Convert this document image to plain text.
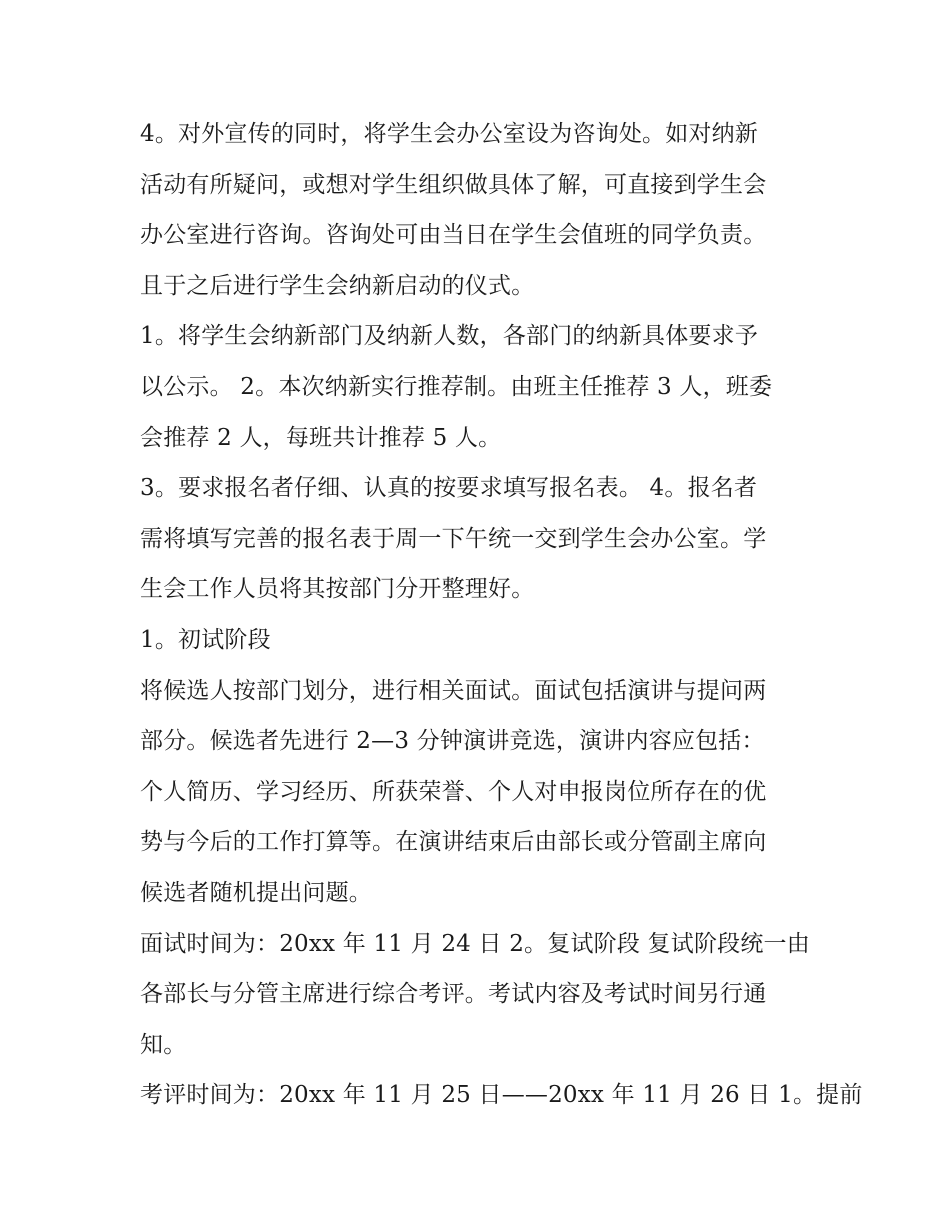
4。对外宣传的同时，将学生会办公室设为咨询处。如对纳新
活动有所疑问，或想对学生组织做具体了解，可直接到学生会
办公室进行咨询。咨询处可由当日在学生会值班的同学负责。
且于之后进行学生会纳新启动的仪式。
1。将学生会纳新部门及纳新人数，各部门的纳新具体要求予
以公示。 2。本次纳新实行推荐制。由班主任推荐 3 人，班委
会推荐 2 人，每班共计推荐 5 人。
3。要求报名者仔细、认真的按要求填写报名表。 4。报名者
需将填写完善的报名表于周一下午统一交到学生会办公室。学
生会工作人员将其按部门分开整理好。
1。初试阶段
将候选人按部门划分，进行相关面试。面试包括演讲与提问两
部分。候选者先进行 2—3 分钟演讲竞选，演讲内容应包括：
个人简历、学习经历、所获荣誉、个人对申报岗位所存在的优
势与今后的工作打算等。在演讲结束后由部长或分管副主席向
候选者随机提出问题。
面试时间为：20xx 年 11 月 24 日 2。复试阶段 复试阶段统一由
各部长与分管主席进行综合考评。考试内容及考试时间另行通
知。
考评时间为：20xx 年 11 月 25 日——20xx 年 11 月 26 日 1。提前
